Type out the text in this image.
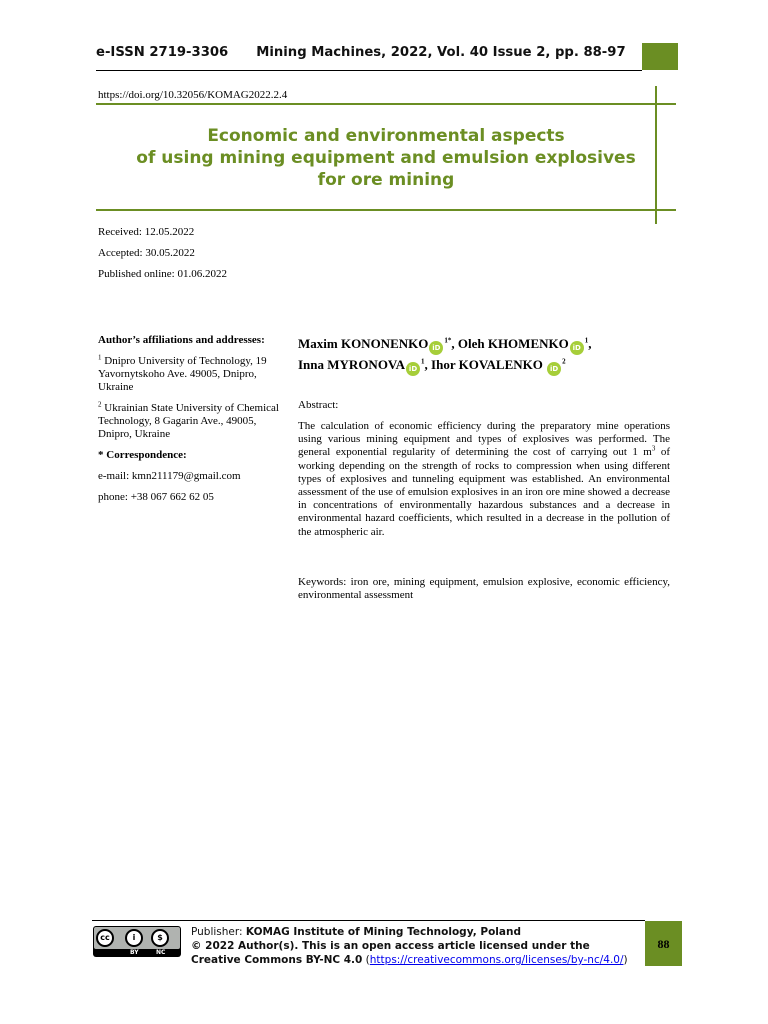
e-ISSN 2719-3306 Mining Machines, 2022, Vol. 40 Issue 2, pp. 88-97
https://doi.org/10.32056/KOMAG2022.2.4
Economic and environmental aspects
of using mining equipment and emulsion explosives
for ore mining
Received: 12.05.2022
Accepted: 30.05.2022
Published online: 01.06.2022
Author’s affiliations and addresses:
$^1$ Dnipro University of Technology, 19 Yavornytskoho Ave. 49005, Dnipro, Ukraine
$^2$ Ukrainian State University of Chemical Technology, 8 Gagarin Ave., 49005, Dnipro, Ukraine
* Correspondence:
e-mail: kmn211179@gmail.com
phone: +38 067 662 62 05
Maxim KONONENKO $iD^{1*}$, Oleh KHOMENKO $iD^1$,
Inna MYRONOVA $iD^1$, Ihor KOVALENKO $iD^2$
Abstract:
The calculation of economic efficiency during the preparatory mine operations using various mining equipment and types of explosives was performed. The general exponential regularity of determining the cost of carrying out 1 $m^3$ of working depending on the strength of rocks to compression when using different types of explosives and tunneling equipment was established. An environmental assessment of the use of emulsion explosives in an iron ore mine showed a decrease in concentrations of environmentally hazardous substances and a decrease in environmental hazard coefficients, which resulted in a decrease in the pollution of the atmospheric air.
Keywords: iron ore, mining equipment, emulsion explosive, economic efficiency, environmental assessment
cc	i	$
BY	NC
Publisher: KOMAG Institute of Mining Technology, Poland
© 2022 Author(s). This is an open access article licensed under the Creative Commons BY-NC 4.0 (https://creativecommons.org/licenses/by-nc/4.0/)
88
